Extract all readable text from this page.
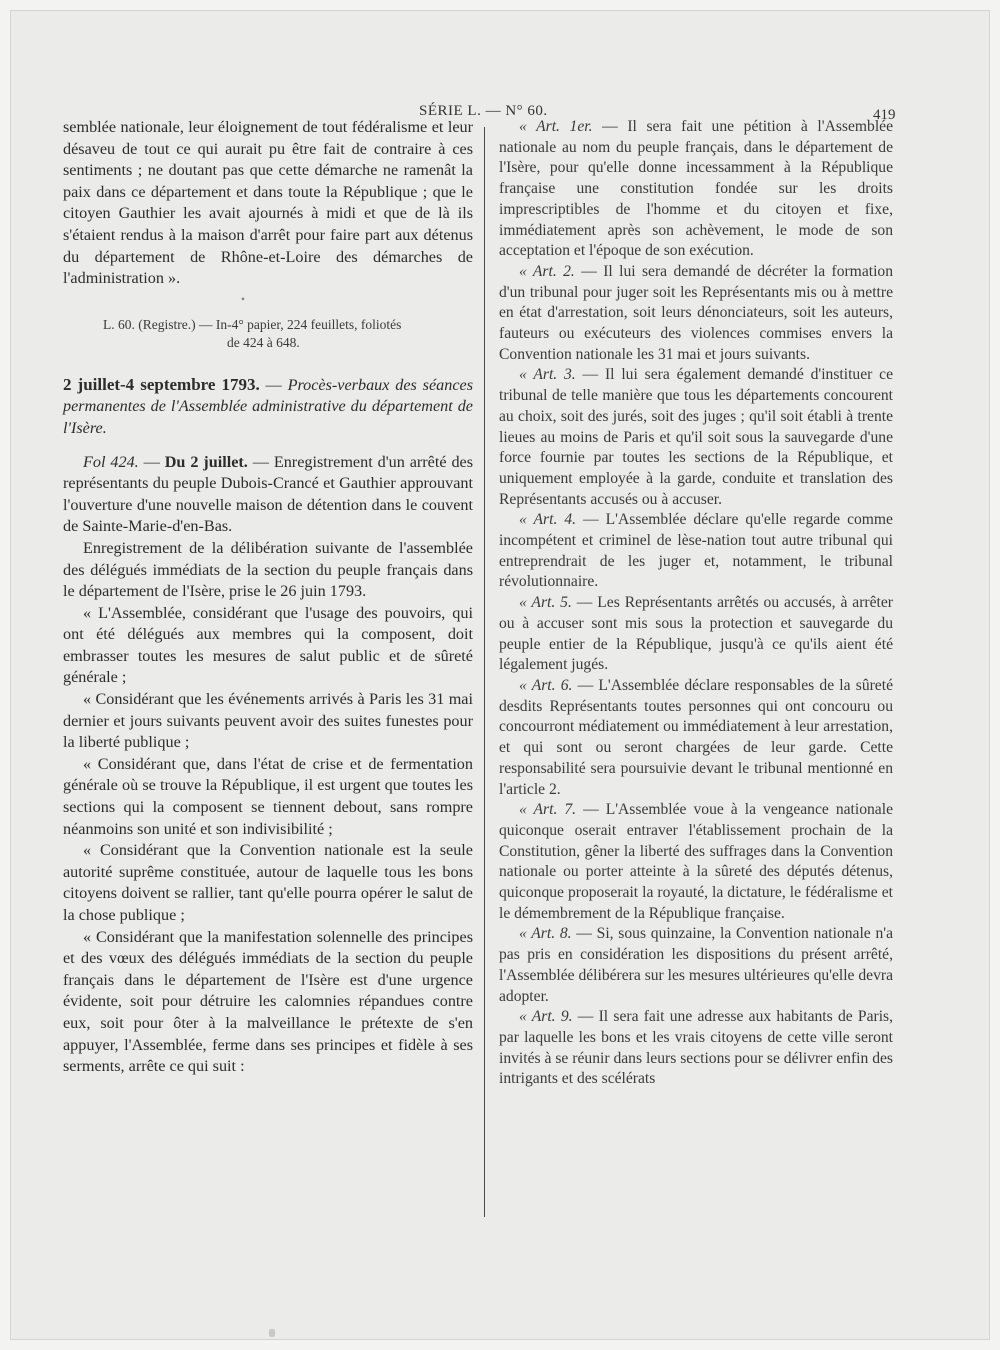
SÉRIE L. — N° 60.	419

semblée nationale, leur éloignement de tout fédéralisme et leur désaveu de tout ce qui aurait pu être fait de contraire à ces sentiments ; ne doutant pas que cette démarche ne ramenât la paix dans ce département et dans toute la République ; que le citoyen Gauthier les avait ajournés à midi et que de là ils s'étaient rendus à la maison d'arrêt pour faire part aux détenus du département de Rhône-et-Loire des démarches de l'administration ».

•
L. 60. (Registre.) — In-4° papier, 224 feuillets, foliotés
de 424 à 648.

2 juillet-4 septembre 1793. — Procès-verbaux des séances permanentes de l'Assemblée administrative du département de l'Isère.

Fol 424. — Du 2 juillet. — Enregistrement d'un arrêté des représentants du peuple Dubois-Crancé et Gauthier approuvant l'ouverture d'une nouvelle maison de détention dans le couvent de Sainte-Marie-d'en-Bas.

Enregistrement de la délibération suivante de l'assemblée des délégués immédiats de la section du peuple français dans le département de l'Isère, prise le 26 juin 1793.

« L'Assemblée, considérant que l'usage des pouvoirs, qui ont été délégués aux membres qui la composent, doit embrasser toutes les mesures de salut public et de sûreté générale ;

« Considérant que les événements arrivés à Paris les 31 mai dernier et jours suivants peuvent avoir des suites funestes pour la liberté publique ;

« Considérant que, dans l'état de crise et de fermentation générale où se trouve la République, il est urgent que toutes les sections qui la composent se tiennent debout, sans rompre néanmoins son unité et son indivisibilité ;

« Considérant que la Convention nationale est la seule autorité suprême constituée, autour de laquelle tous les bons citoyens doivent se rallier, tant qu'elle pourra opérer le salut de la chose publique ;

« Considérant que la manifestation solennelle des principes et des vœux des délégués immédiats de la section du peuple français dans le département de l'Isère est d'une urgence évidente, soit pour détruire les calomnies répandues contre eux, soit pour ôter à la malveillance le prétexte de s'en appuyer, l'Assemblée, ferme dans ses principes et fidèle à ses serments, arrête ce qui suit :

« Art. 1er. — Il sera fait une pétition à l'Assemblée nationale au nom du peuple français, dans le département de l'Isère, pour qu'elle donne incessamment à la République française une constitution fondée sur les droits imprescriptibles de l'homme et du citoyen et fixe, immédiatement après son achèvement, le mode de son acceptation et l'époque de son exécution.

« Art. 2. — Il lui sera demandé de décréter la formation d'un tribunal pour juger soit les Représentants mis ou à mettre en état d'arrestation, soit leurs dénonciateurs, soit les auteurs, fauteurs ou exécuteurs des violences commises envers la Convention nationale les 31 mai et jours suivants.

« Art. 3. — Il lui sera également demandé d'instituer ce tribunal de telle manière que tous les départements concourent au choix, soit des jurés, soit des juges ; qu'il soit établi à trente lieues au moins de Paris et qu'il soit sous la sauvegarde d'une force fournie par toutes les sections de la République, et uniquement employée à la garde, conduite et translation des Représentants accusés ou à accuser.

« Art. 4. — L'Assemblée déclare qu'elle regarde comme incompétent et criminel de lèse-nation tout autre tribunal qui entreprendrait de les juger et, notamment, le tribunal révolutionnaire.

« Art. 5. — Les Représentants arrêtés ou accusés, à arrêter ou à accuser sont mis sous la protection et sauvegarde du peuple entier de la République, jusqu'à ce qu'ils aient été légalement jugés.

« Art. 6. — L'Assemblée déclare responsables de la sûreté desdits Représentants toutes personnes qui ont concouru ou concourront médiatement ou immédiatement à leur arrestation, et qui sont ou seront chargées de leur garde. Cette responsabilité sera poursuivie devant le tribunal mentionné en l'article 2.

« Art. 7. — L'Assemblée voue à la vengeance nationale quiconque oserait entraver l'établissement prochain de la Constitution, gêner la liberté des suffrages dans la Convention nationale ou porter atteinte à la sûreté des députés détenus, quiconque proposerait la royauté, la dictature, le fédéralisme et le démembrement de la République française.

« Art. 8. — Si, sous quinzaine, la Convention nationale n'a pas pris en considération les dispositions du présent arrêté, l'Assemblée délibérera sur les mesures ultérieures qu'elle devra adopter.

« Art. 9. — Il sera fait une adresse aux habitants de Paris, par laquelle les bons et les vrais citoyens de cette ville seront invités à se réunir dans leurs sections pour se délivrer enfin des intrigants et des scélérats
